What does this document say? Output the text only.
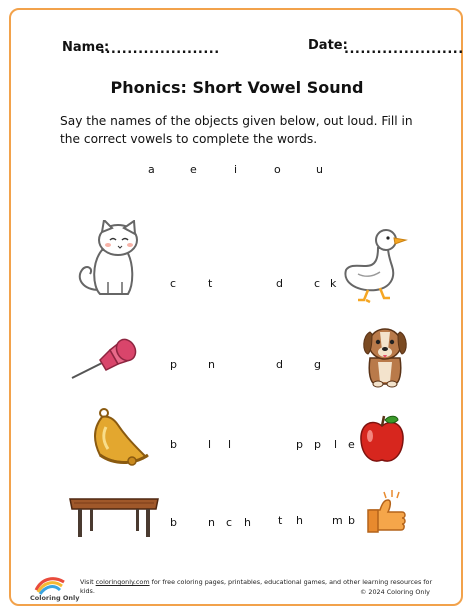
Name:
......................	Date:
......................
Phonics: Short Vowel Sound
Say the names of the objects given below, out loud. Fill in the correct vowels to complete the words.
a	e	i	o	u
c	t	d	c k
p	n	d	g
b	l l	p p l e
b	n c h t h	m b
Coloring Only
Visit coloringonly.com for free coloring pages, printables, educational games, and other learning resources for kids.	© 2024 Coloring Only
